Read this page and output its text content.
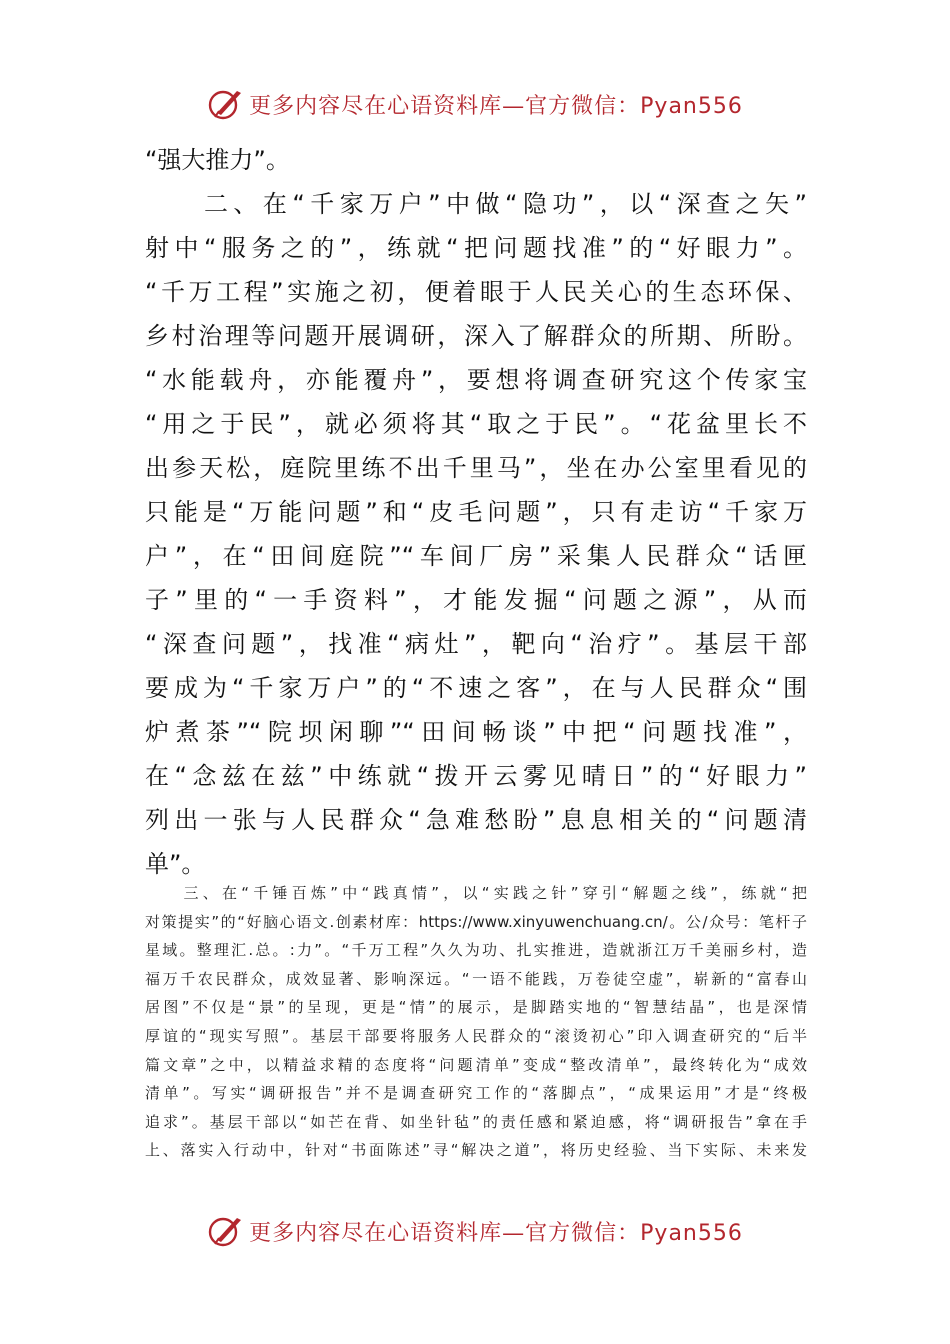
更多内容尽在心语资料库—官方微信：Pyan556
“强大推力”。
　　二、在“千家万户”中做“隐功”，以“深查之矢”
射中“服务之的”，练就“把问题找准”的“好眼力”。
“千万工程”实施之初，便着眼于人民关心的生态环保、
乡村治理等问题开展调研，深入了解群众的所期、所盼。
“水能载舟，亦能覆舟”，要想将调查研究这个传家宝
“用之于民”，就必须将其“取之于民”。“花盆里长不
出参天松，庭院里练不出千里马”，坐在办公室里看见的
只能是“万能问题”和“皮毛问题”，只有走访“千家万
户”，在“田间庭院”“车间厂房”采集人民群众“话匣
子”里的“一手资料”，才能发掘“问题之源”，从而
“深查问题”，找准“病灶”，靶向“治疗”。基层干部
要成为“千家万户”的“不速之客”，在与人民群众“围
炉煮茶”“院坝闲聊”“田间畅谈”中把“问题找准”，
在“念兹在兹”中练就“拨开云雾见晴日”的“好眼力”
列出一张与人民群众“急难愁盼”息息相关的“问题清
单”。
　　三、在“千锤百炼”中“践真情”，以“实践之针”穿引“解题之线”，练就“把
对策提实”的“好脑心语文.创素材库：https://www.xinyuwenchuang.cn/。公/众号：笔杆子
星域。整理汇.总。:力”。“千万工程”久久为功、扎实推进，造就浙江万千美丽乡村，造
福万千农民群众，成效显著、影响深远。“一语不能践，万卷徒空虚”，崭新的“富春山
居图”不仅是“景”的呈现，更是“情”的展示，是脚踏实地的“智慧结晶”，也是深情
厚谊的“现实写照”。基层干部要将服务人民群众的“滚烫初心”印入调查研究的“后半
篇文章”之中，以精益求精的态度将“问题清单”变成“整改清单”，最终转化为“成效
清单”。写实“调研报告”并不是调查研究工作的“落脚点”，“成果运用”才是“终极
追求”。基层干部以“如芒在背、如坐针毡”的责任感和紧迫感，将“调研报告”拿在手
上、落实入行动中，针对“书面陈述”寻“解决之道”，将历史经验、当下实际、未来发
更多内容尽在心语资料库—官方微信：Pyan556
